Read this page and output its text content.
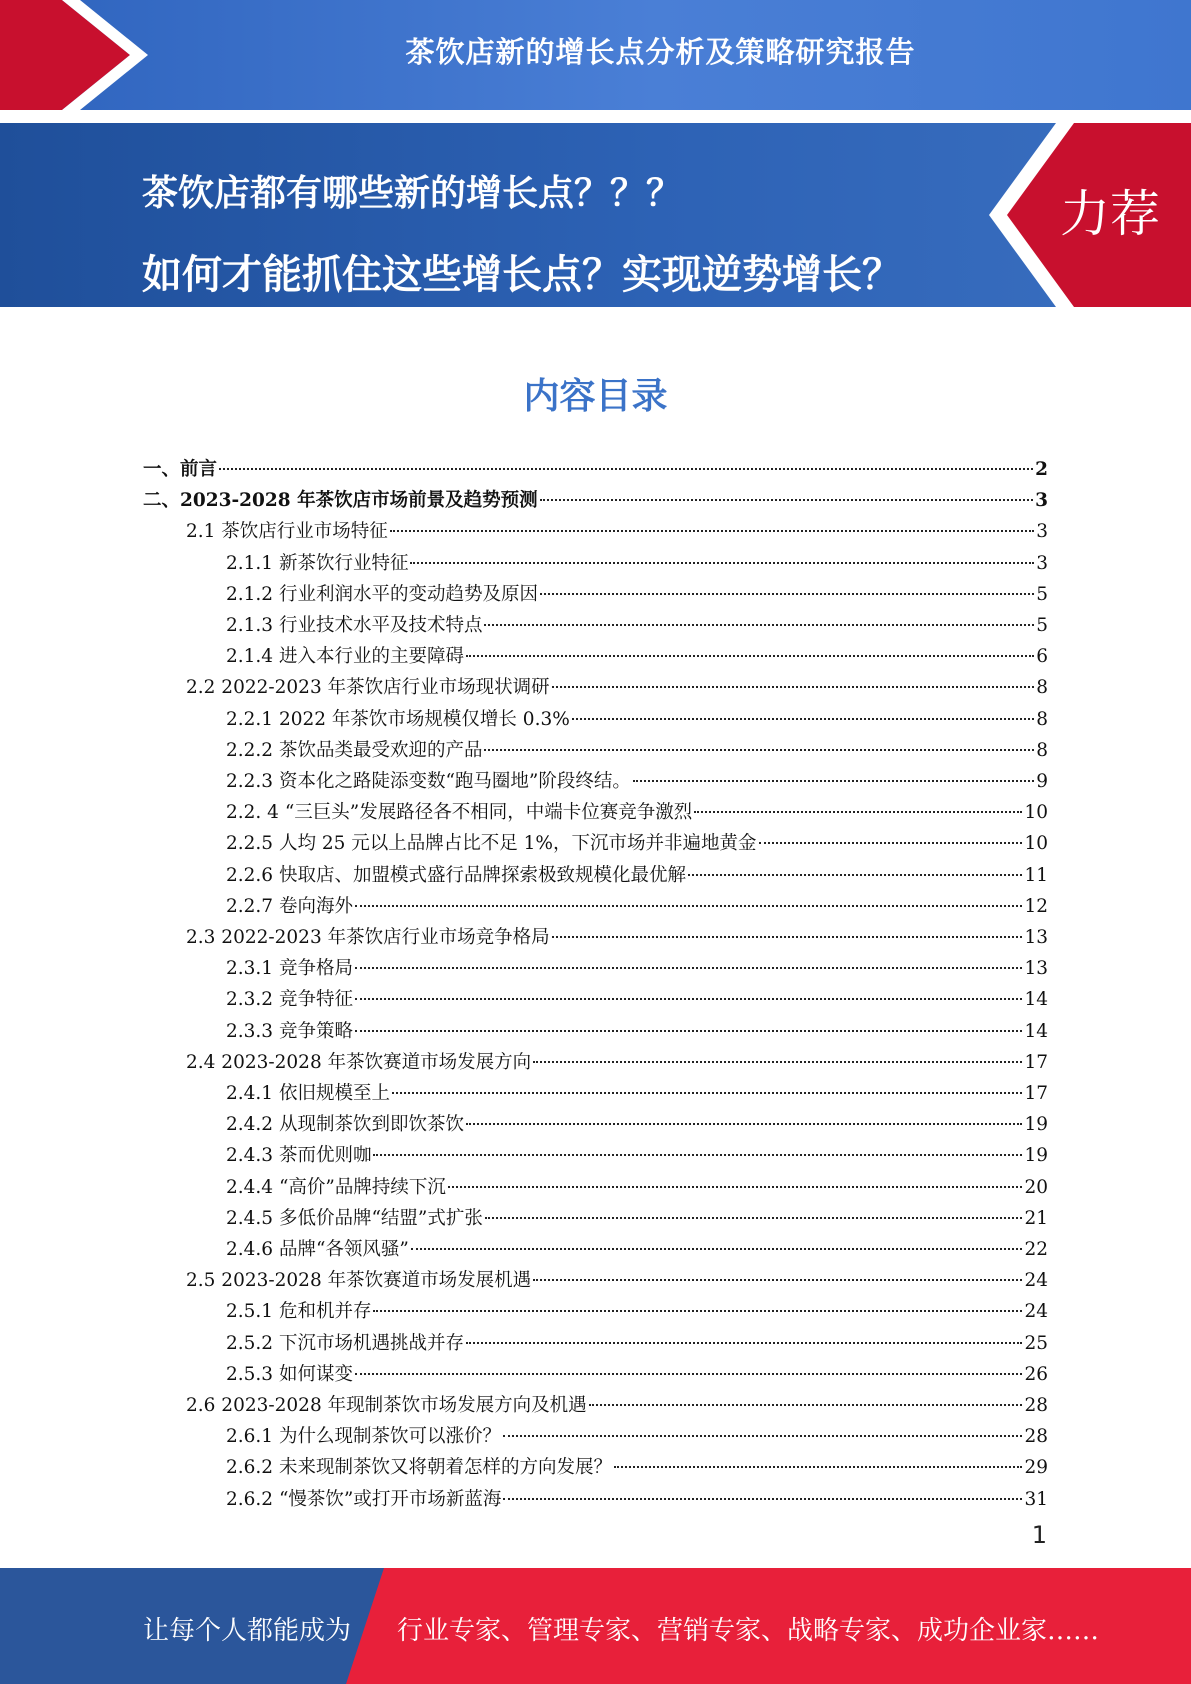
茶饮店新的增长点分析及策略研究报告
茶饮店都有哪些新的增长点？？？
如何才能抓住这些增长点？实现逆势增长？
力荐
内容目录
一、前言	2
二、2023-2028 年茶饮店市场前景及趋势预测	3
2.1 茶饮店行业市场特征	3
2.1.1 新茶饮行业特征	3
2.1.2 行业利润水平的变动趋势及原因	5
2.1.3 行业技术水平及技术特点	5
2.1.4 进入本行业的主要障碍	6
2.2 2022-2023 年茶饮店行业市场现状调研	8
2.2.1 2022 年茶饮市场规模仅增长 0.3%	8
2.2.2 茶饮品类最受欢迎的产品	8
2.2.3 资本化之路陡添变数“跑马圈地”阶段终结。	9
2.2. 4 “三巨头”发展路径各不相同，中端卡位赛竞争激烈	10
2.2.5 人均 25 元以上品牌占比不足 1%，下沉市场并非遍地黄金	10
2.2.6 快取店、加盟模式盛行品牌探索极致规模化最优解	11
2.2.7 卷向海外	12
2.3 2022-2023 年茶饮店行业市场竞争格局	13
2.3.1 竞争格局	13
2.3.2 竞争特征	14
2.3.3 竞争策略	14
2.4 2023-2028 年茶饮赛道市场发展方向	17
2.4.1 依旧规模至上	17
2.4.2 从现制茶饮到即饮茶饮	19
2.4.3 茶而优则咖	19
2.4.4 “高价”品牌持续下沉	20
2.4.5 多低价品牌“结盟”式扩张	21
2.4.6 品牌“各领风骚”	22
2.5 2023-2028 年茶饮赛道市场发展机遇	24
2.5.1 危和机并存	24
2.5.2 下沉市场机遇挑战并存	25
2.5.3 如何谋变	26
2.6 2023-2028 年现制茶饮市场发展方向及机遇	28
2.6.1 为什么现制茶饮可以涨价？	28
2.6.2 未来现制茶饮又将朝着怎样的方向发展？	29
2.6.2 “慢茶饮”或打开市场新蓝海	31
1
让每个人都能成为 行业专家、管理专家、营销专家、战略专家、成功企业家……
